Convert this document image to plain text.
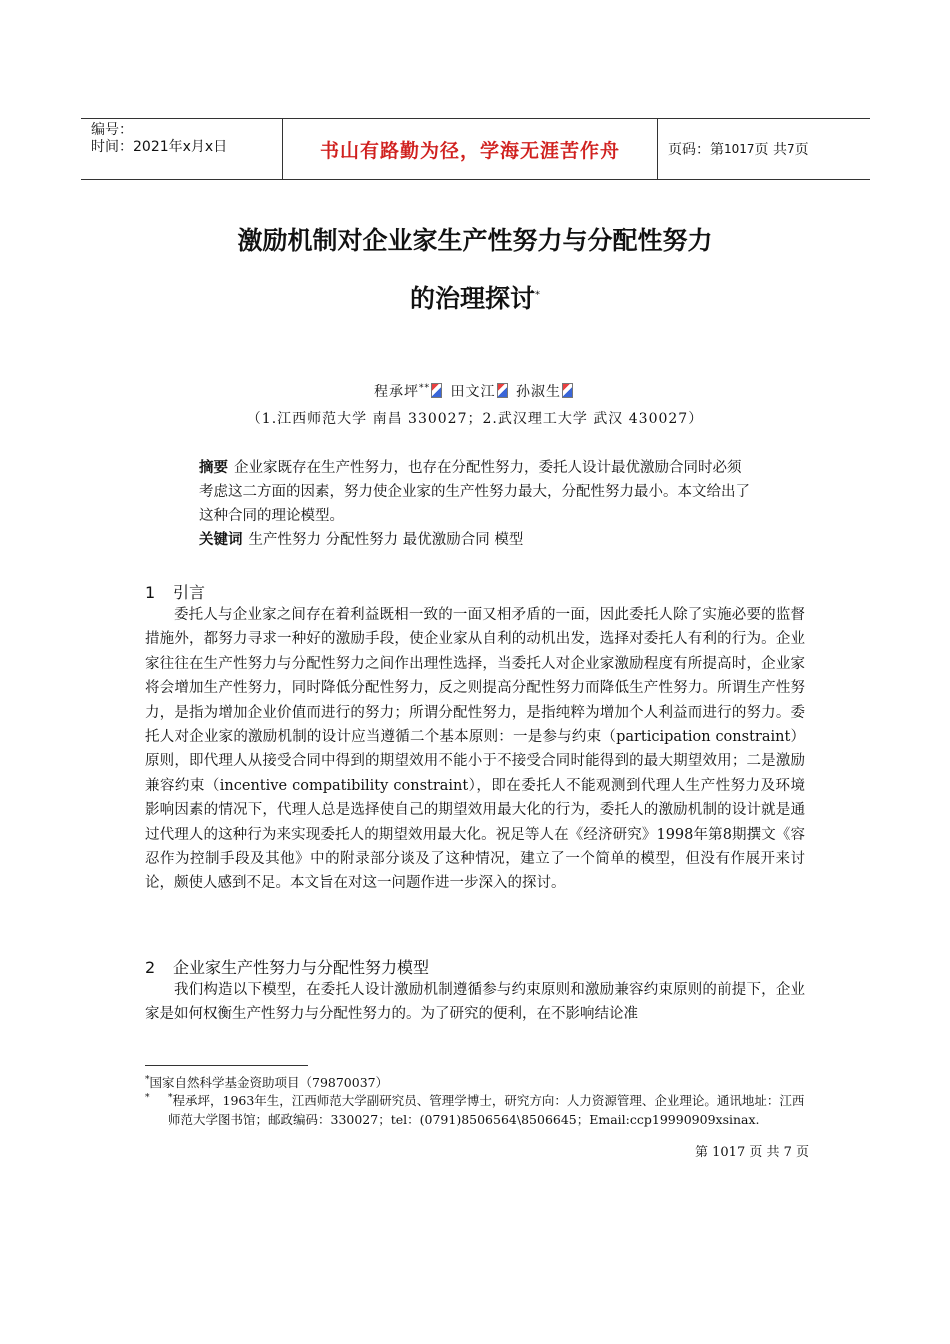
编号：
时间：2021年x月x日	书山有路勤为径，学海无涯苦作舟	页码：第 1017 页 共 7 页
激励机制对企业家生产性努力与分配性努力
的治理探讨*
程承坪** 田文江 孙淑生
（1.江西师范大学 南昌 330027；2.武汉理工大学 武汉 430027）

摘要 企业家既存在生产性努力，也存在分配性努力，委托人设计最优激励合同时必须考虑这二方面的因素，努力使企业家的生产性努力最大，分配性努力最小。本文给出了这种合同的理论模型。

关键词 生产性努力 分配性努力 最优激励合同 模型

1 引言

委托人与企业家之间存在着利益既相一致的一面又相矛盾的一面，因此委托人除了实施必要的监督措施外，都努力寻求一种好的激励手段，使企业家从自利的动机出发，选择对委托人有利的行为。企业家往往在生产性努力与分配性努力之间作出理性选择，当委托人对企业家激励程度有所提高时，企业家将会增加生产性努力，同时降低分配性努力，反之则提高分配性努力而降低生产性努力。所谓生产性努力，是指为增加企业价值而进行的努力；所谓分配性努力，是指纯粹为增加个人利益而进行的努力。委托人对企业家的激励机制的设计应当遵循二个基本原则：一是参与约束（participation constraint）原则，即代理人从接受合同中得到的期望效用不能小于不接受合同时能得到的最大期望效用；二是激励兼容约束（incentive compatibility constraint），即在委托人不能观测到代理人生产性努力及环境影响因素的情况下，代理人总是选择使自己的期望效用最大化的行为，委托人的激励机制的设计就是通过代理人的这种行为来实现委托人的期望效用最大化。祝足等人在《经济研究》1998年第8期撰文《容忍作为控制手段及其他》中的附录部分谈及了这种情况，建立了一个简单的模型，但没有作展开来讨论，颇使人感到不足。本文旨在对这一问题作进一步深入的探讨。

2 企业家生产性努力与分配性努力模型

我们构造以下模型，在委托人设计激励机制遵循参与约束原则和激励兼容约束原则的前提下，企业家是如何权衡生产性努力与分配性努力的。为了研究的便利，在不影响结论准

*国家自然科学基金资助项目（79870037）
* *程承坪，1963年生，江西师范大学副研究员、管理学博士，研究方向：人力资源管理、企业理论。通讯地址：江西师范大学图书馆；邮政编码：330027；tel：(0791)8506564\8506645；Email:ccp19990909xsinax.
第 1017 页 共 7 页
